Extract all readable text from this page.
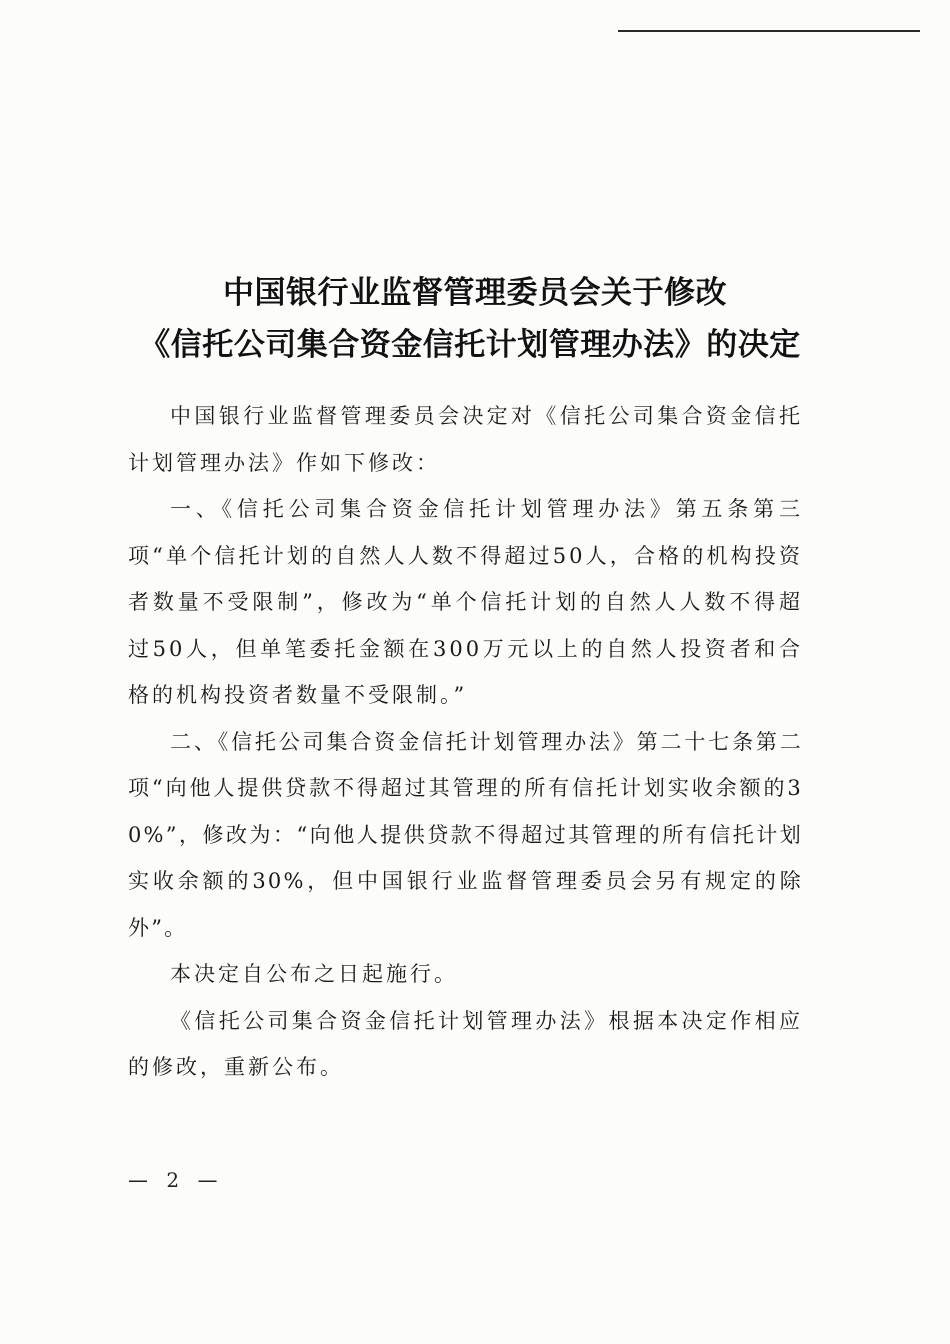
中国银行业监督管理委员会关于修改
《信托公司集合资金信托计划管理办法》的决定

中国银行业监督管理委员会决定对《信托公司集合资金信托计划管理办法》作如下修改：

一、《信托公司集合资金信托计划管理办法》第五条第三项“单个信托计划的自然人人数不得超过50人，合格的机构投资者数量不受限制”，修改为“单个信托计划的自然人人数不得超过50人，但单笔委托金额在300万元以上的自然人投资者和合格的机构投资者数量不受限制。”

二、《信托公司集合资金信托计划管理办法》第二十七条第二项“向他人提供贷款不得超过其管理的所有信托计划实收余额的30%”，修改为：“向他人提供贷款不得超过其管理的所有信托计划实收余额的30%，但中国银行业监督管理委员会另有规定的除外”。

本决定自公布之日起施行。

《信托公司集合资金信托计划管理办法》根据本决定作相应的修改，重新公布。

— 2 —
